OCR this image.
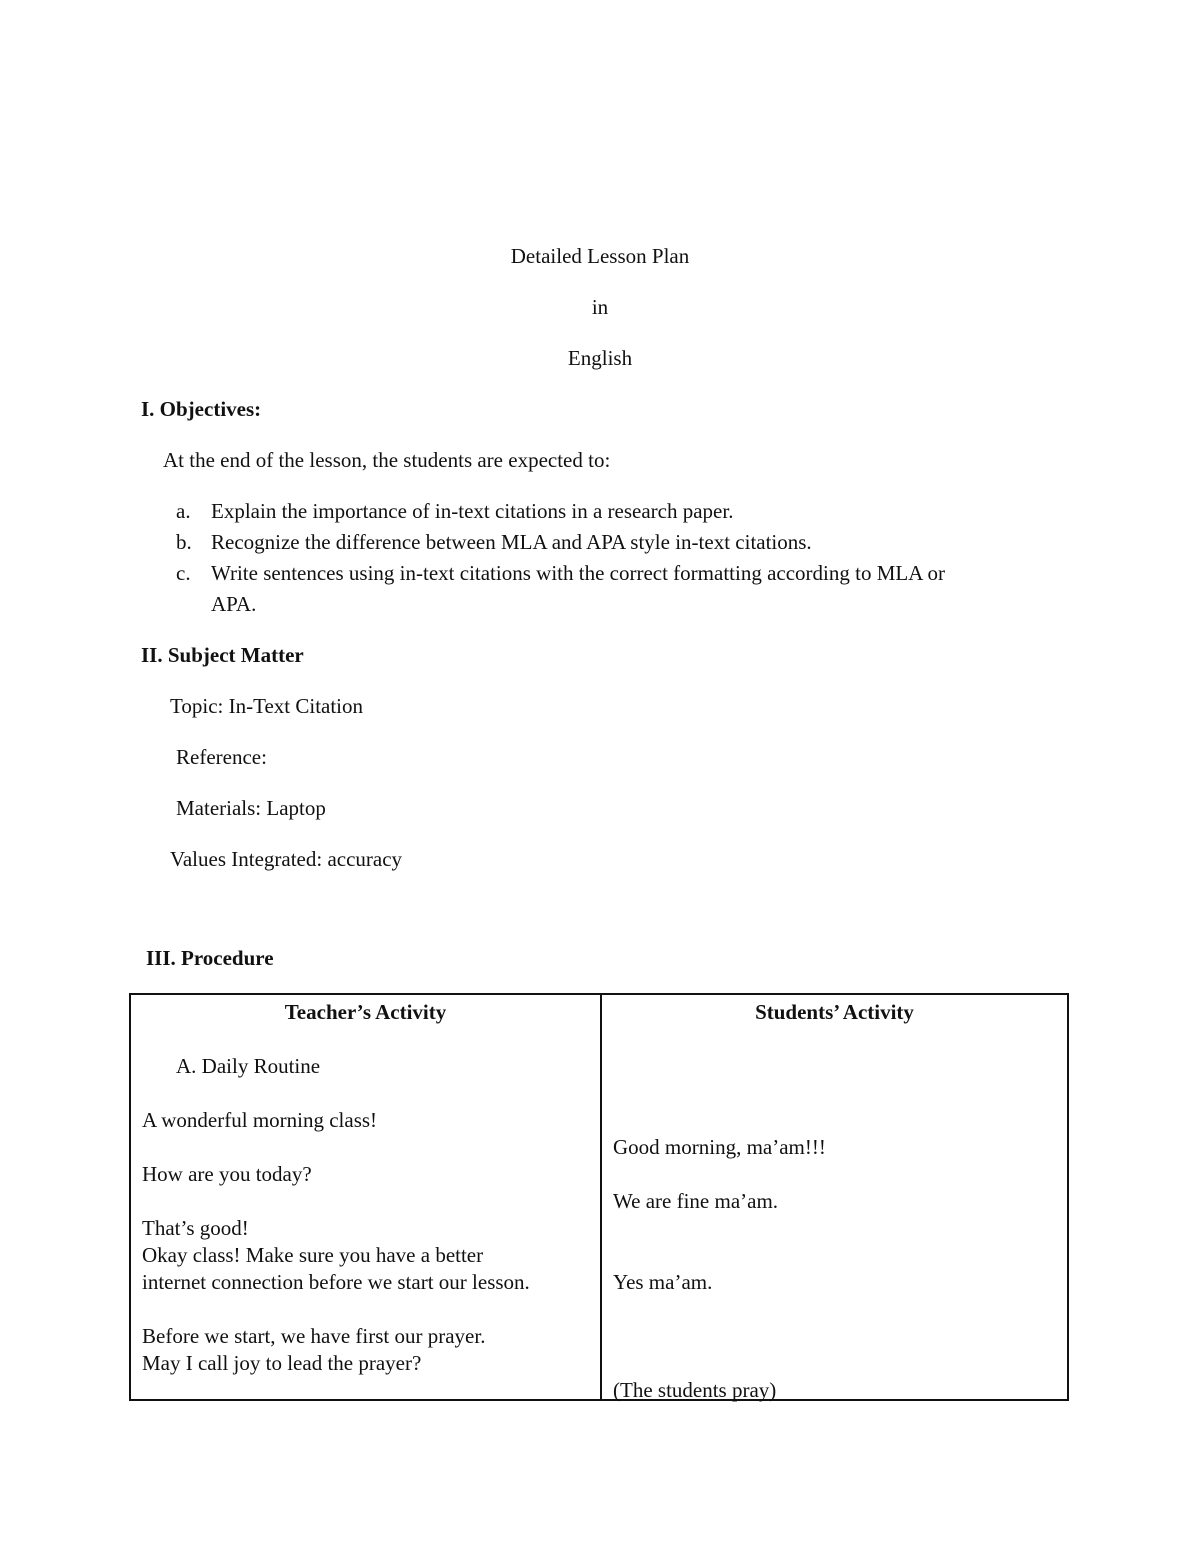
Detailed Lesson Plan
in
English
I. Objectives:
At the end of the lesson, the students are expected to:
a. Explain the importance of in-text citations in a research paper.
b. Recognize the difference between MLA and APA style in-text citations.
c. Write sentences using in-text citations with the correct formatting according to MLA or
APA.
II. Subject Matter
Topic: In-Text Citation
Reference:
Materials: Laptop
Values Integrated: accuracy
III. Procedure
Teacher’s Activity	Students’ Activity
A. Daily Routine
A wonderful morning class!
How are you today?
That’s good!
Okay class! Make sure you have a better
internet connection before we start our lesson.
Before we start, we have first our prayer.
May I call joy to lead the prayer?
Good morning, ma’am!!!
We are fine ma’am.
Yes ma’am.
(The students pray)
